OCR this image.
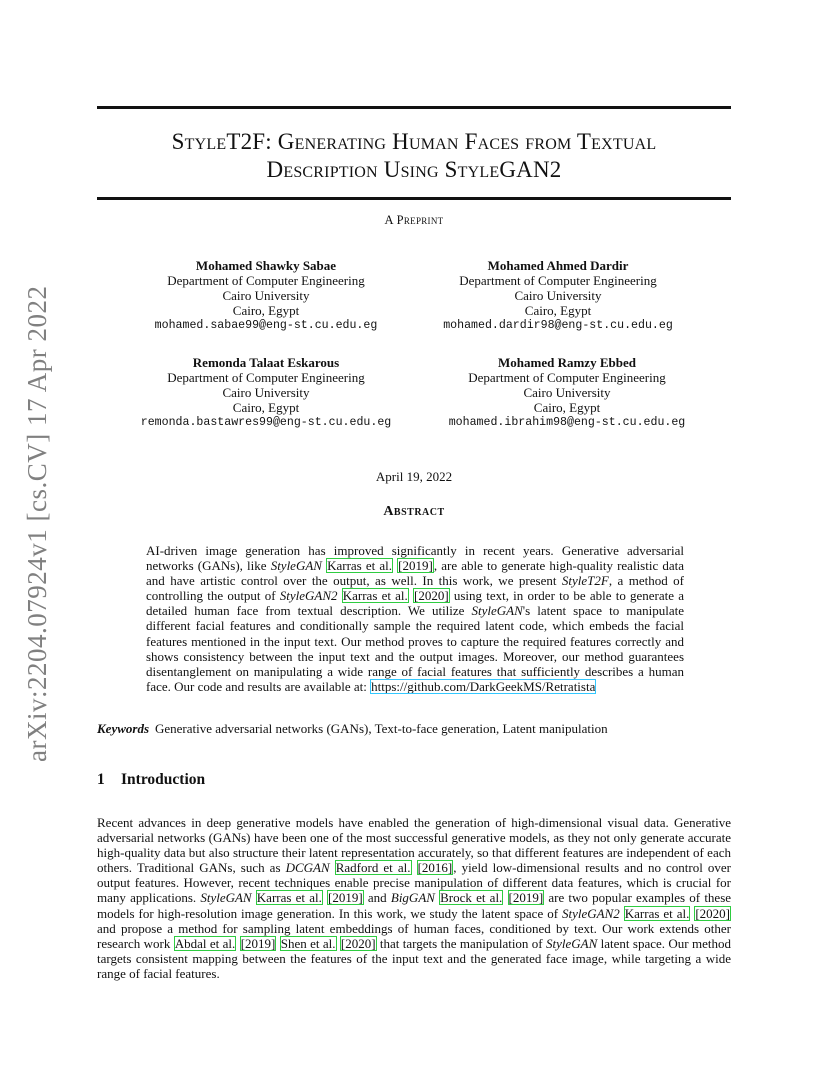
arXiv:2204.07924v1 [cs.CV] 17 Apr 2022
StyleT2F: Generating Human Faces from Textual
Description Using StyleGAN2
A Preprint
Mohamed Shawky Sabae
Department of Computer Engineering
Cairo University
Cairo, Egypt
mohamed.sabae99@eng-st.cu.edu.eg
Mohamed Ahmed Dardir
Department of Computer Engineering
Cairo University
Cairo, Egypt
mohamed.dardir98@eng-st.cu.edu.eg
Remonda Talaat Eskarous
Department of Computer Engineering
Cairo University
Cairo, Egypt
remonda.bastawres99@eng-st.cu.edu.eg
Mohamed Ramzy Ebbed
Department of Computer Engineering
Cairo University
Cairo, Egypt
mohamed.ibrahim98@eng-st.cu.edu.eg
April 19, 2022
Abstract
AI-driven image generation has improved significantly in recent years. Generative adversarial networks (GANs), like StyleGAN Karras et al. [2019], are able to generate high-quality realistic data and have artistic control over the output, as well. In this work, we present StyleT2F, a method of controlling the output of StyleGAN2 Karras et al. [2020] using text, in order to be able to generate a detailed human face from textual description. We utilize StyleGAN's latent space to manipulate different facial features and conditionally sample the required latent code, which embeds the facial features mentioned in the input text. Our method proves to capture the required features correctly and shows consistency between the input text and the output images. Moreover, our method guarantees disentanglement on manipulating a wide range of facial features that sufficiently describes a human face. Our code and results are available at: https://github.com/DarkGeekMS/Retratista
Keywords Generative adversarial networks (GANs), Text-to-face generation, Latent manipulation
1 Introduction
Recent advances in deep generative models have enabled the generation of high-dimensional visual data. Generative adversarial networks (GANs) have been one of the most successful generative models, as they not only generate accurate high-quality data but also structure their latent representation accurately, so that different features are independent of each others. Traditional GANs, such as DCGAN Radford et al. [2016], yield low-dimensional results and no control over output features. However, recent techniques enable precise manipulation of different data features, which is crucial for many applications. StyleGAN Karras et al. [2019] and BigGAN Brock et al. [2019] are two popular examples of these models for high-resolution image generation. In this work, we study the latent space of StyleGAN2 Karras et al. [2020] and propose a method for sampling latent embeddings of human faces, conditioned by text. Our work extends other research work Abdal et al. [2019] Shen et al. [2020] that targets the manipulation of StyleGAN latent space. Our method targets consistent mapping between the features of the input text and the generated face image, while targeting a wide range of facial features.
